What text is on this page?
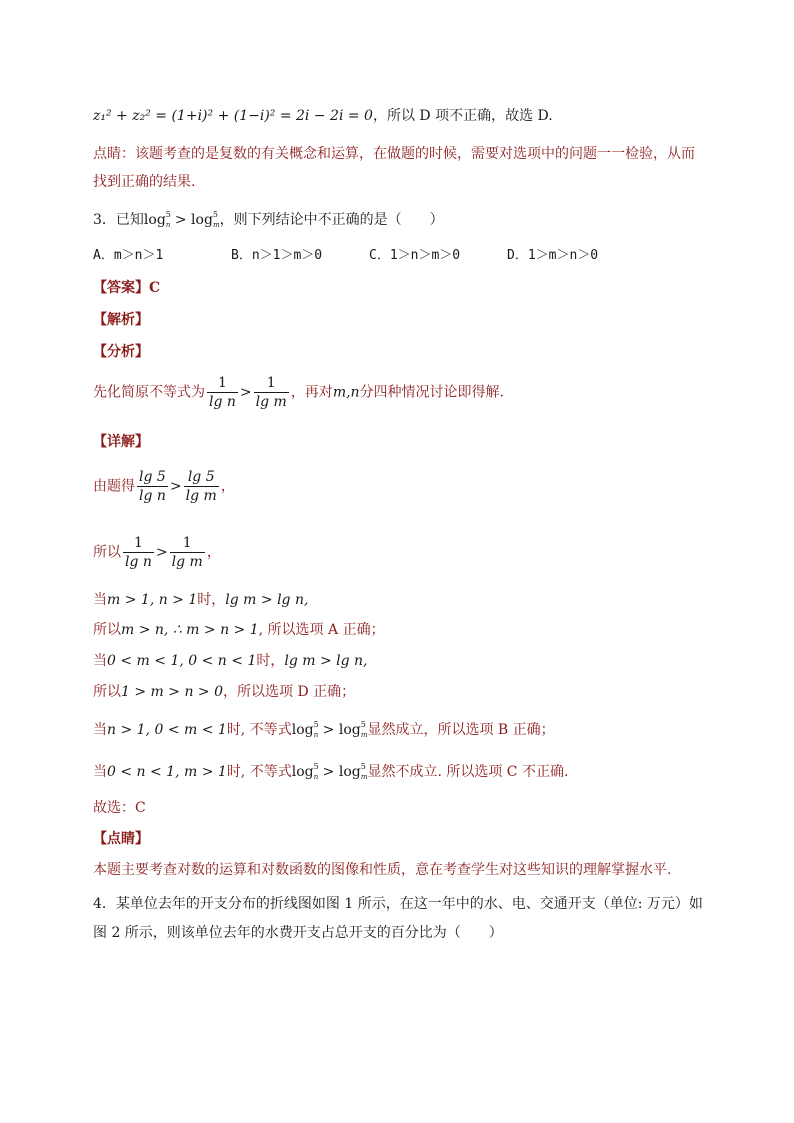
z₁² + z₂² = (1+i)² + (1−i)² = 2i − 2i = 0，所以 D 项不正确，故选 D.
点睛：该题考查的是复数的有关概念和运算，在做题的时候，需要对选项中的问题一一检验，从而
找到正确的结果.
3．已知$\log^5_n > \log^5_m$，则下列结论中不正确的是（　　）
A．m＞n＞1	B．n＞1＞m＞0	C．1＞n＞m＞0	D．1＞m＞n＞0
【答案】C
【解析】
【分析】
先化简原不等式为 $\frac{1}{\text{lg n}} > \frac{1}{\text{lg m}}$ ，再对m,n分四种情况讨论即得解.
【详解】
由题得 $\frac{\lg 5}{\text{lg n}} > \frac{\lg 5}{\text{lg m}}$ ，
所以 $\frac{1}{\text{lg n}} > \frac{1}{\text{lg m}}$ ，
当m > 1, n > 1时，lg m > lg n,
所以m > n, ∴ m > n > 1, 所以选项 A 正确；
当0 < m < 1, 0 < n < 1时，lg m > lg n,
所以1 > m > n > 0，所以选项 D 正确；
当n > 1, 0 < m < 1时, 不等式$\log^5_n > \log^5_m$显然成立，所以选项 B 正确；
当0 < n < 1, m > 1时, 不等式$\log^5_n > \log^5_m$显然不成立. 所以选项 C 不正确.
故选：C
【点睛】
本题主要考查对数的运算和对数函数的图像和性质，意在考查学生对这些知识的理解掌握水平.
4．某单位去年的开支分布的折线图如图 1 所示，在这一年中的水、电、交通开支（单位: 万元）如
图 2 所示，则该单位去年的水费开支占总开支的百分比为（　　）
